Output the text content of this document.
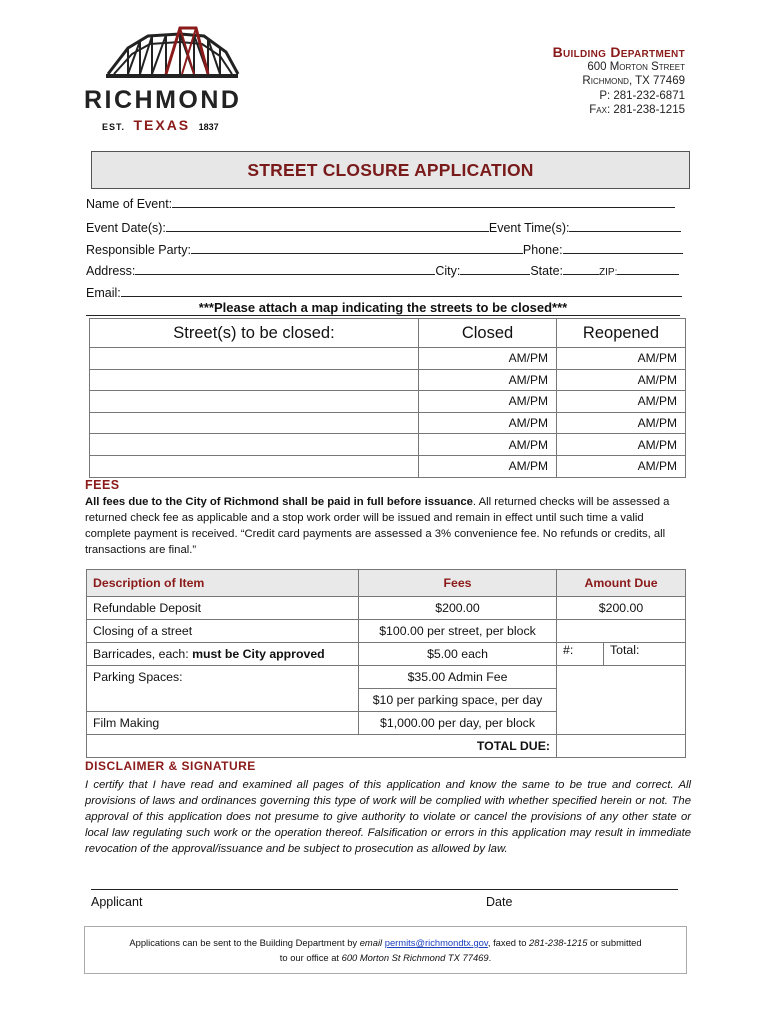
RICHMOND
EST. TEXAS 1837
Building Department
600 Morton Street
Richmond, TX 77469
P: 281-232-6871
Fax: 281-238-1215
STREET CLOSURE APPLICATION
Name of Event:
Event Date(s):	Event Time(s):
Responsible Party:	Phone:
Address:	City:	State:	ZIP:
Email:
***Please attach a map indicating the streets to be closed***
Street(s) to be closed:	Closed	Reopened
	AM/PM	AM/PM
	AM/PM	AM/PM
	AM/PM	AM/PM
	AM/PM	AM/PM
	AM/PM	AM/PM
	AM/PM	AM/PM
FEES
All fees due to the City of Richmond shall be paid in full before issuance. All returned checks will be assessed a returned check fee as applicable and a stop work order will be issued and remain in effect until such time a valid complete payment is received. “Credit card payments are assessed a 3% convenience fee. No refunds or credits, all transactions are final.”
Description of Item	Fees	Amount Due	
Refundable Deposit	$200.00	$200.00	
Closing of a street	$100.00 per street, per block		
Barricades, each: must be City approved	$5.00 each	#:	Total:
Parking Spaces:	$35.00 Admin Fee		
	$10 per parking space, per day		
Film Making	$1,000.00 per day, per block		
TOTAL DUE:			
DISCLAIMER & SIGNATURE
I certify that I have read and examined all pages of this application and know the same to be true and correct. All provisions of laws and ordinances governing this type of work will be complied with whether specified herein or not. The approval of this application does not presume to give authority to violate or cancel the provisions of any other state or local law regulating such work or the operation thereof. Falsification or errors in this application may result in immediate revocation of the approval/issuance and be subject to prosecution as allowed by law.
Applicant	Date
Applications can be sent to the Building Department by email permits@richmondtx.gov, faxed to 281-238-1215 or submitted
to our office at 600 Morton St Richmond TX 77469.
